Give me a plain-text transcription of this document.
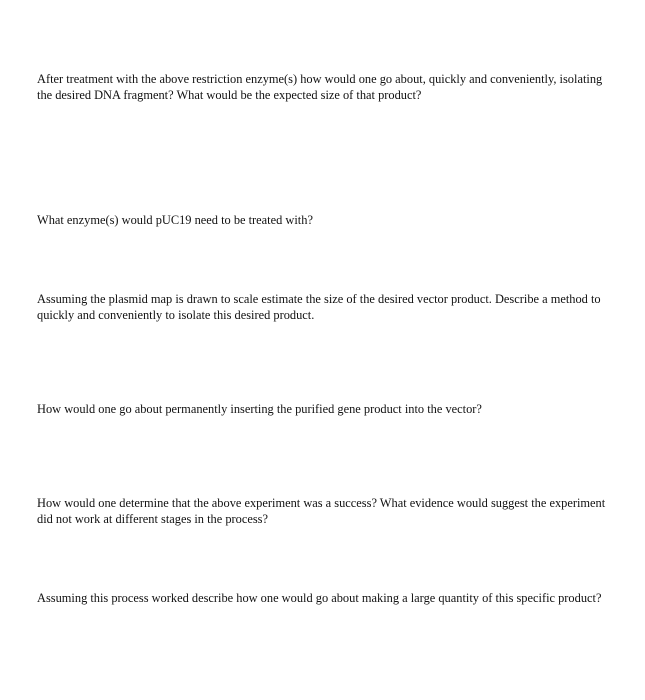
After treatment with the above restriction enzyme(s) how would one go about, quickly and conveniently, isolating the desired DNA fragment? What would be the expected size of that product?

What enzyme(s) would pUC19 need to be treated with?

Assuming the plasmid map is drawn to scale estimate the size of the desired vector product. Describe a method to quickly and conveniently to isolate this desired product.

How would one go about permanently inserting the purified gene product into the vector?

How would one determine that the above experiment was a success? What evidence would suggest the experiment did not work at different stages in the process?

Assuming this process worked describe how one would go about making a large quantity of this specific product?
